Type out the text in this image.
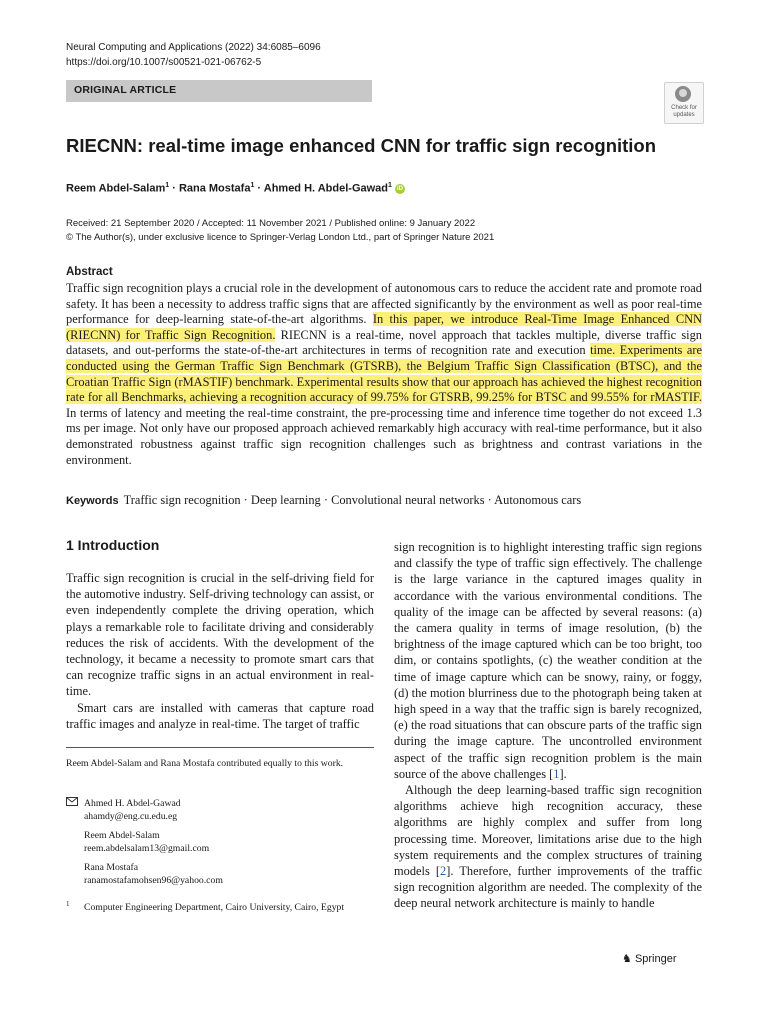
Neural Computing and Applications (2022) 34:6085–6096
https://doi.org/10.1007/s00521-021-06762-5
ORIGINAL ARTICLE
Check for
updates
RIECNN: real-time image enhanced CNN for traffic sign recognition
Reem Abdel-Salam$^1$ · Rana Mostafa$^1$ · Ahmed H. Abdel-Gawad$^1$ iD
Received: 21 September 2020 / Accepted: 11 November 2021 / Published online: 9 January 2022
© The Author(s), under exclusive licence to Springer-Verlag London Ltd., part of Springer Nature 2021
Abstract
Traffic sign recognition plays a crucial role in the development of autonomous cars to reduce the accident rate and promote road safety. It has been a necessity to address traffic signs that are affected significantly by the environment as well as poor real-time performance for deep-learning state-of-the-art algorithms. In this paper, we introduce Real-Time Image Enhanced CNN (RIECNN) for Traffic Sign Recognition. RIECNN is a real-time, novel approach that tackles multiple, diverse traffic sign datasets, and out-performs the state-of-the-art architectures in terms of recognition rate and execution time. Experiments are conducted using the German Traffic Sign Benchmark (GTSRB), the Belgium Traffic Sign Classification (BTSC), and the Croatian Traffic Sign (rMASTIF) benchmark. Experimental results show that our approach has achieved the highest recognition rate for all Benchmarks, achieving a recognition accuracy of 99.75% for GTSRB, 99.25% for BTSC and 99.55% for rMASTIF. In terms of latency and meeting the real-time constraint, the pre-processing time and inference time together do not exceed 1.3 ms per image. Not only have our proposed approach achieved remarkably high accuracy with real-time performance, but it also demonstrated robustness against traffic sign recognition challenges such as brightness and contrast variations in the environment.
Keywords Traffic sign recognition · Deep learning · Convolutional neural networks · Autonomous cars
1 Introduction

Traffic sign recognition is crucial in the self-driving field for the automotive industry. Self-driving technology can assist, or even independently complete the driving operation, which plays a remarkable role to facilitate driving and considerably reduces the risk of accidents. With the development of the technology, it became a necessity to promote smart cars that can recognize traffic signs in an actual environment in real-time.

Smart cars are installed with cameras that capture road traffic images and analyze in real-time. The target of traffic

sign recognition is to highlight interesting traffic sign regions and classify the type of traffic sign effectively. The challenge is the large variance in the captured images quality in accordance with the various environmental conditions. The quality of the image can be affected by several reasons: (a) the camera quality in terms of image resolution, (b) the brightness of the image captured which can be too bright, too dim, or contains spotlights, (c) the weather condition at the time of image capture which can be snowy, rainy, or foggy, (d) the motion blurriness due to the photograph being taken at high speed in a way that the traffic sign is barely recognized, (e) the road situations that can obscure parts of the traffic sign during the image capture. The uncontrolled environment aspect of the traffic sign recognition problem is the main source of the above challenges [1].

Although the deep learning-based traffic sign recognition algorithms achieve high recognition accuracy, these algorithms are highly complex and suffer from long processing time. Moreover, limitations arise due to the high system requirements and the complex structures of training models [2]. Therefore, further improvements of the traffic sign recognition algorithm are needed. The complexity of the deep neural network architecture is mainly to handle

Reem Abdel-Salam and Rana Mostafa contributed equally to this work.
Ahmed H. Abdel-Gawad
ahamdy@eng.cu.edu.eg
Reem Abdel-Salam
reem.abdelsalam13@gmail.com
Rana Mostafa
ranamostafamohsen96@yahoo.com
1 Computer Engineering Department, Cairo University, Cairo, Egypt
♞ Springer
